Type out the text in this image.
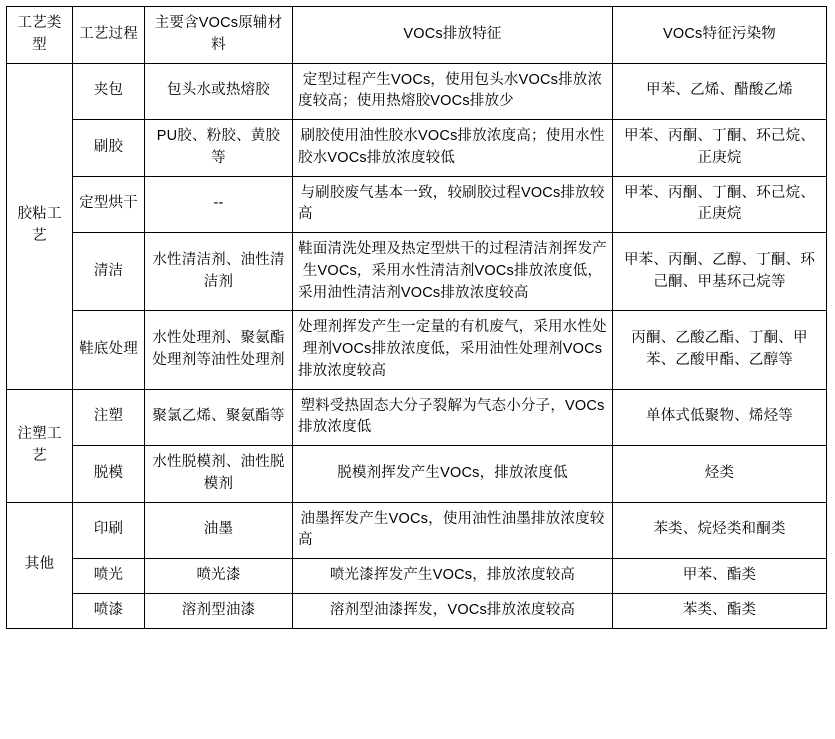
工艺类型	工艺过程	主要含VOCs原辅材料	VOCs排放特征	VOCs特征污染物
胶粘工艺	夹包	包头水或热熔胶	定型过程产生VOCs，使用包头水VOCs排放浓度较高；使用热熔胶VOCs排放少	甲苯、乙烯、醋酸乙烯
	刷胶	PU胶、粉胶、黄胶等	刷胶使用油性胶水VOCs排放浓度高；使用水性胶水VOCs排放浓度较低	甲苯、丙酮、丁酮、环己烷、正庚烷
	定型烘干	--	与刷胶废气基本一致，较刷胶过程VOCs排放较高	甲苯、丙酮、丁酮、环己烷、正庚烷
	清洁	水性清洁剂、油性清洁剂	鞋面清洗处理及热定型烘干的过程清洁剂挥发产生VOCs，采用水性清洁剂VOCs排放浓度低，采用油性清洁剂VOCs排放浓度较高	甲苯、丙酮、乙醇、丁酮、环己酮、甲基环己烷等
	鞋底处理	水性处理剂、聚氨酯处理剂等油性处理剂	处理剂挥发产生一定量的有机废气，采用水性处理剂VOCs排放浓度低，采用油性处理剂VOCs排放浓度较高	丙酮、乙酸乙酯、丁酮、甲苯、乙酸甲酯、乙醇等
注塑工艺	注塑	聚氯乙烯、聚氨酯等	塑料受热固态大分子裂解为气态小分子，VOCs排放浓度低	单体式低聚物、烯烃等
	脱模	水性脱模剂、油性脱模剂	脱模剂挥发产生VOCs，排放浓度低	烃类
其他	印刷	油墨	油墨挥发产生VOCs，使用油性油墨排放浓度较高	苯类、烷烃类和酮类
	喷光	喷光漆	喷光漆挥发产生VOCs，排放浓度较高	甲苯、酯类
	喷漆	溶剂型油漆	溶剂型油漆挥发，VOCs排放浓度较高	苯类、酯类
